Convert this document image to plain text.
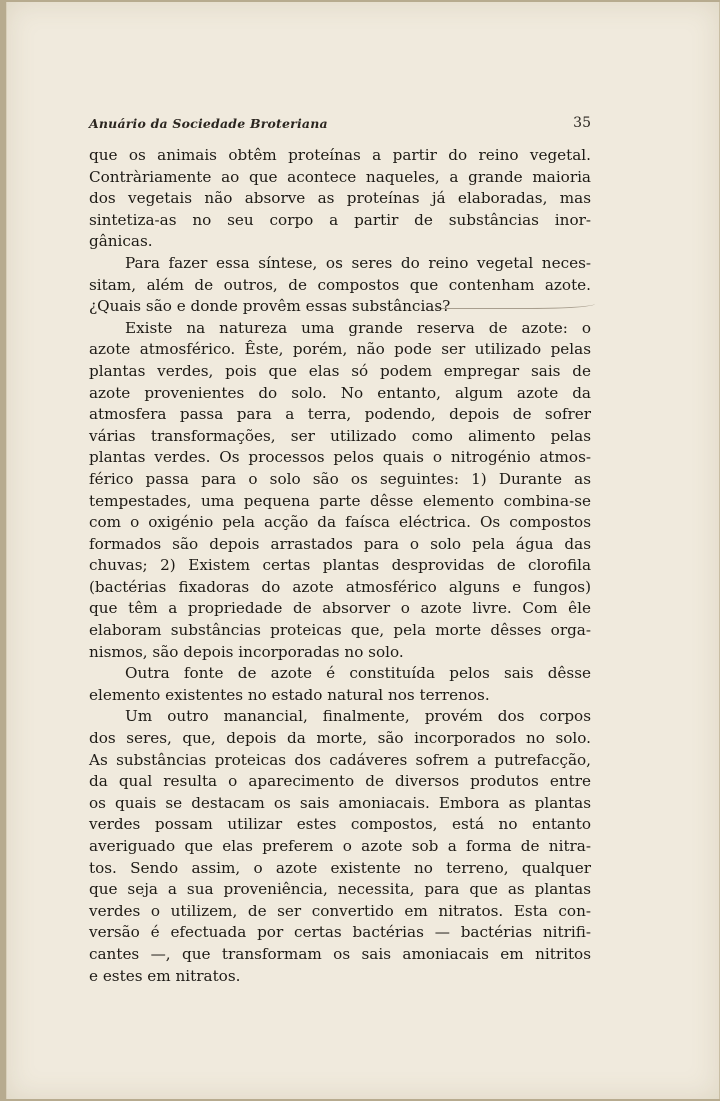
Anuário da Sociedade Broteriana	35
que os animais obtêm proteínas a partir do reino vegetal.
Contràriamente ao que acontece naqueles, a grande maioria
dos vegetais não absorve as proteínas já elaboradas, mas
sintetiza-as no seu corpo a partir de substâncias inor-
gânicas.
Para fazer essa síntese, os seres do reino vegetal neces-
sitam, além de outros, de compostos que contenham azote.
¿Quais são e donde provêm essas substâncias?
Existe na natureza uma grande reserva de azote: o
azote atmosférico. Êste, porém, não pode ser utilizado pelas
plantas verdes, pois que elas só podem empregar sais de
azote provenientes do solo. No entanto, algum azote da
atmosfera passa para a terra, podendo, depois de sofrer
várias transformações, ser utilizado como alimento pelas
plantas verdes. Os processos pelos quais o nitrogénio atmos-
férico passa para o solo são os seguintes: 1) Durante as
tempestades, uma pequena parte dêsse elemento combina-se
com o oxigénio pela acção da faísca eléctrica. Os compostos
formados são depois arrastados para o solo pela água das
chuvas; 2) Existem certas plantas desprovidas de clorofila
(bactérias fixadoras do azote atmosférico alguns e fungos)
que têm a propriedade de absorver o azote livre. Com êle
elaboram substâncias proteicas que, pela morte dêsses orga-
nismos, são depois incorporadas no solo.
Outra fonte de azote é constituída pelos sais dêsse
elemento existentes no estado natural nos terrenos.
Um outro manancial, finalmente, provém dos corpos
dos seres, que, depois da morte, são incorporados no solo.
As substâncias proteicas dos cadáveres sofrem a putrefacção,
da qual resulta o aparecimento de diversos produtos entre
os quais se destacam os sais amoniacais. Embora as plantas
verdes possam utilizar estes compostos, está no entanto
averiguado que elas preferem o azote sob a forma de nitra-
tos. Sendo assim, o azote existente no terreno, qualquer
que seja a sua proveniência, necessita, para que as plantas
verdes o utilizem, de ser convertido em nitratos. Esta con-
versão é efectuada por certas bactérias — bactérias nitrifi-
cantes —, que transformam os sais amoniacais em nitritos
e estes em nitratos.
